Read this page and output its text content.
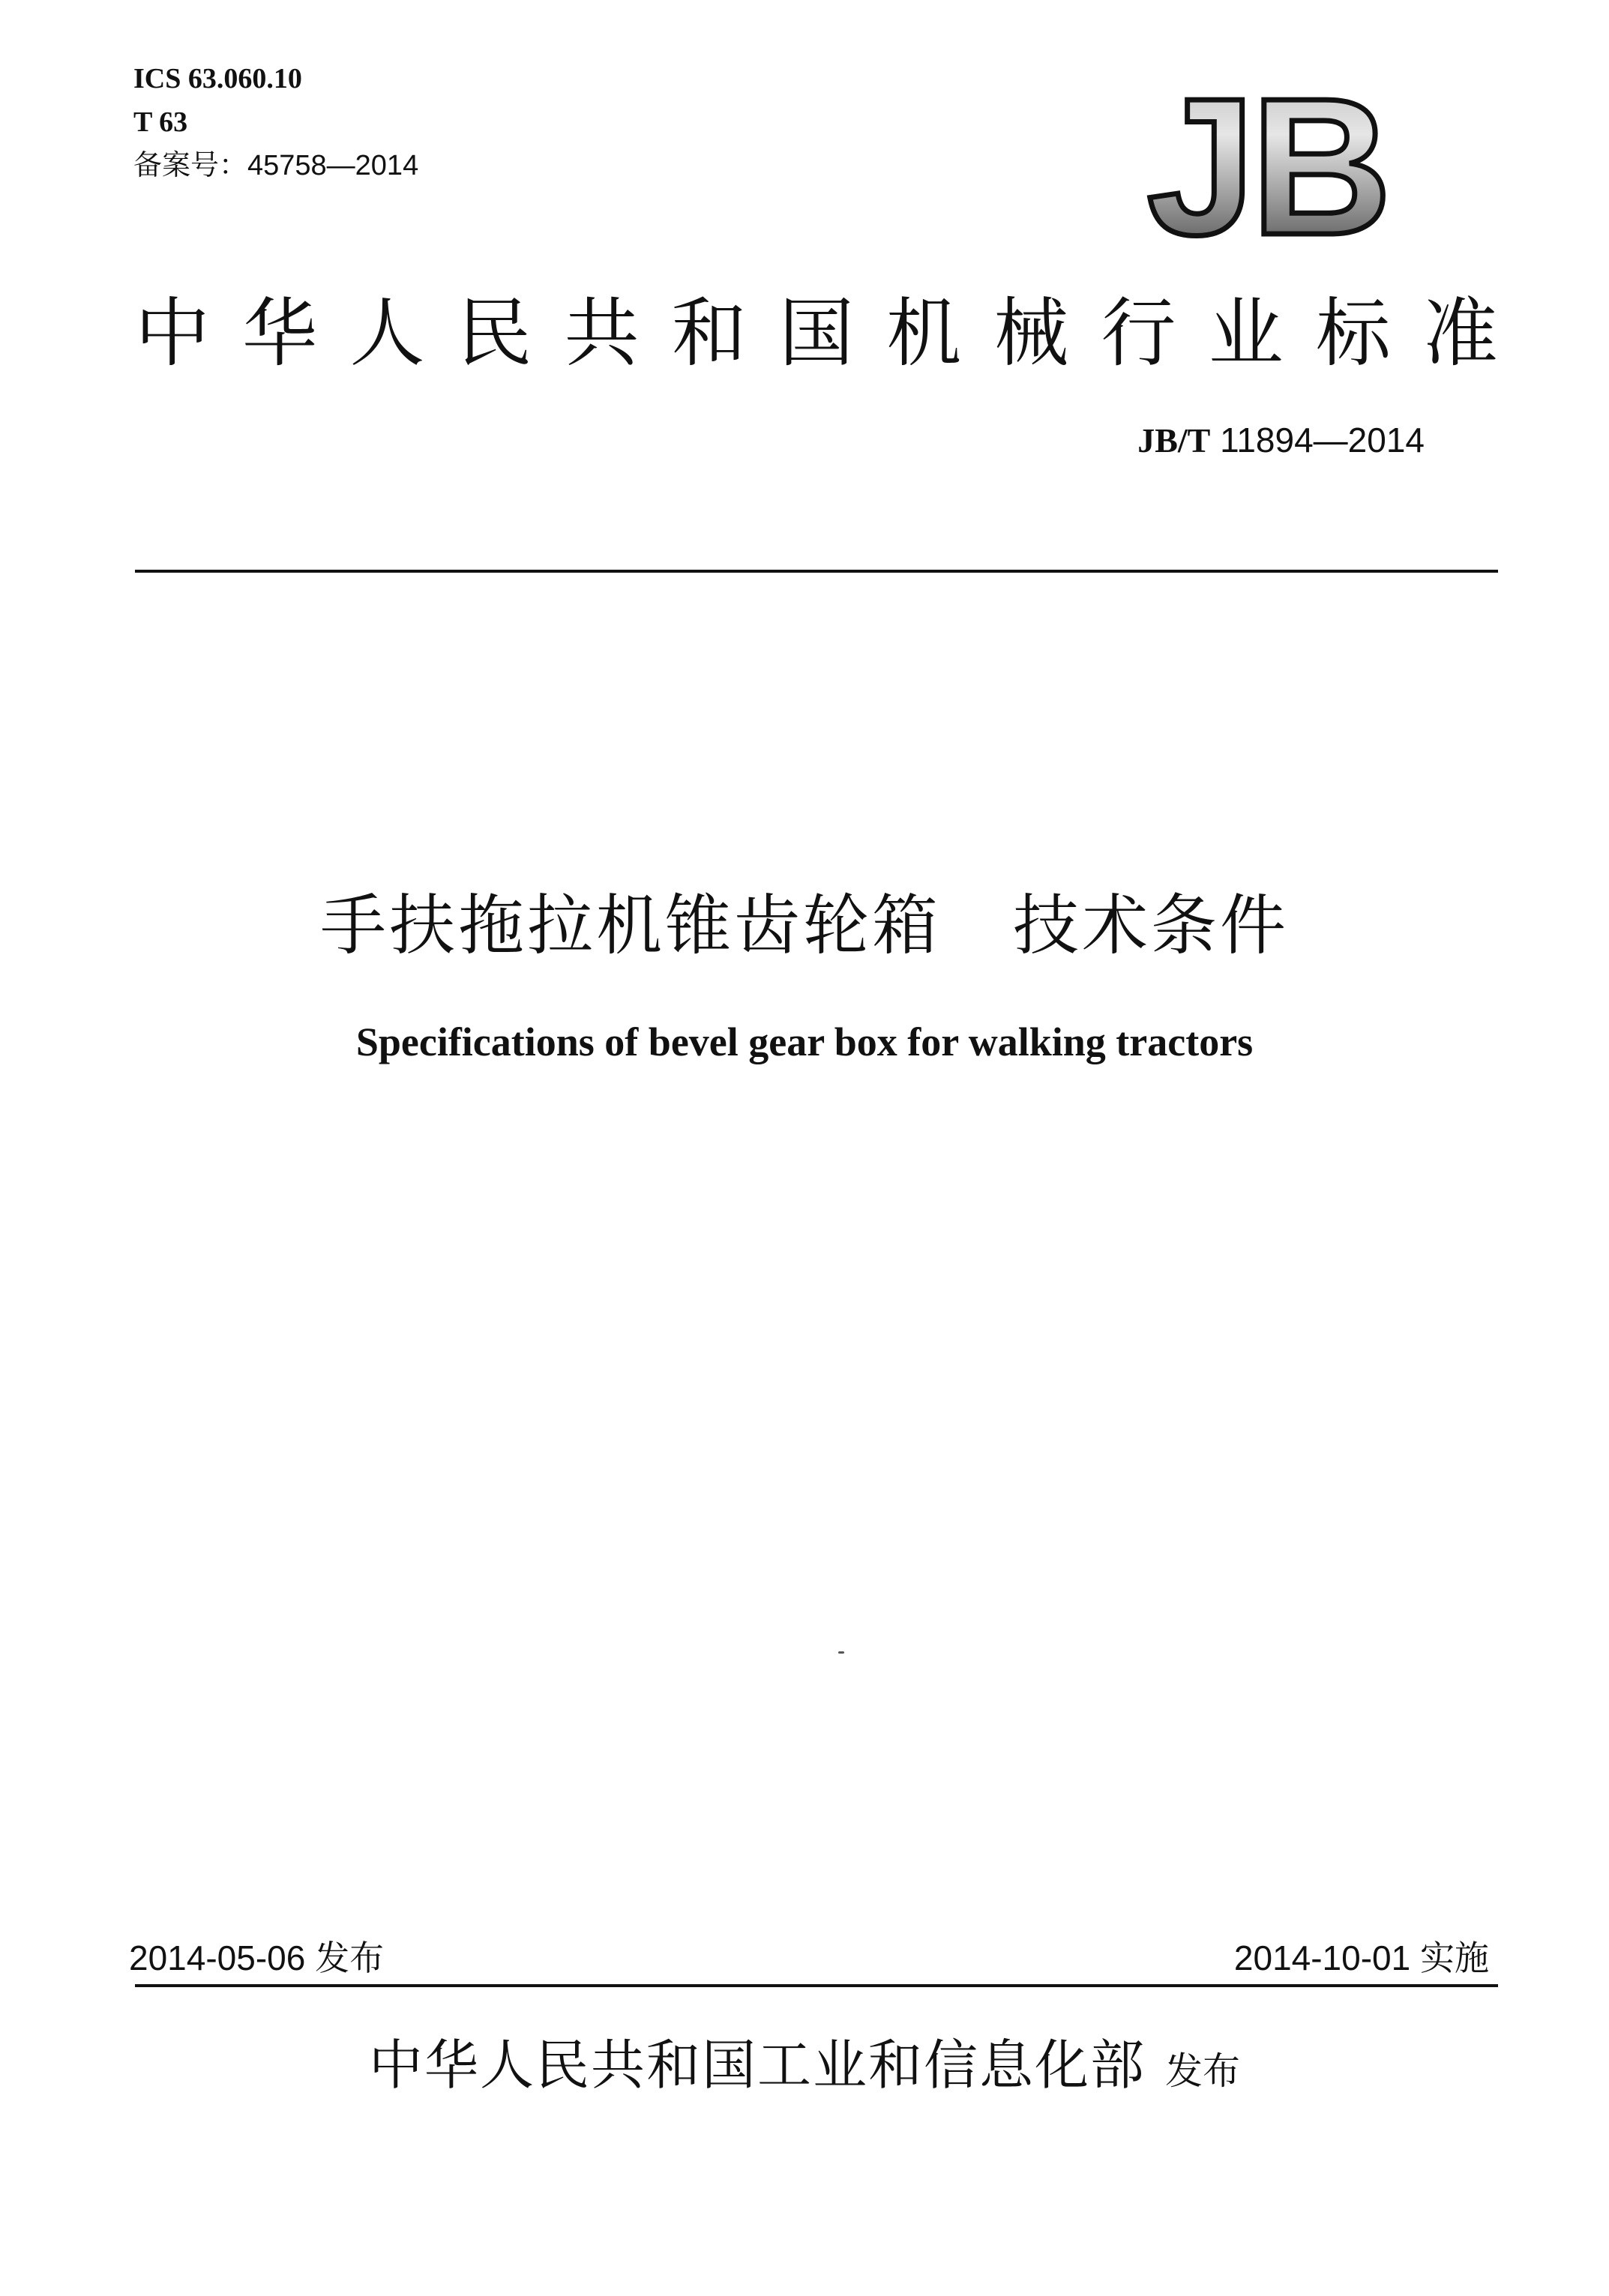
ICS 63.060.10
T 63
备案号：45758—2014	JB
中 华 人 民 共 和 国 机 械 行 业 标 准
JB/T 11894—2014
手扶拖拉机锥齿轮箱   技术条件
Specifications of bevel gear box for walking tractors
2014-05-06 发布	2014-10-01 实施
中华人民共和国工业和信息化部 发布
